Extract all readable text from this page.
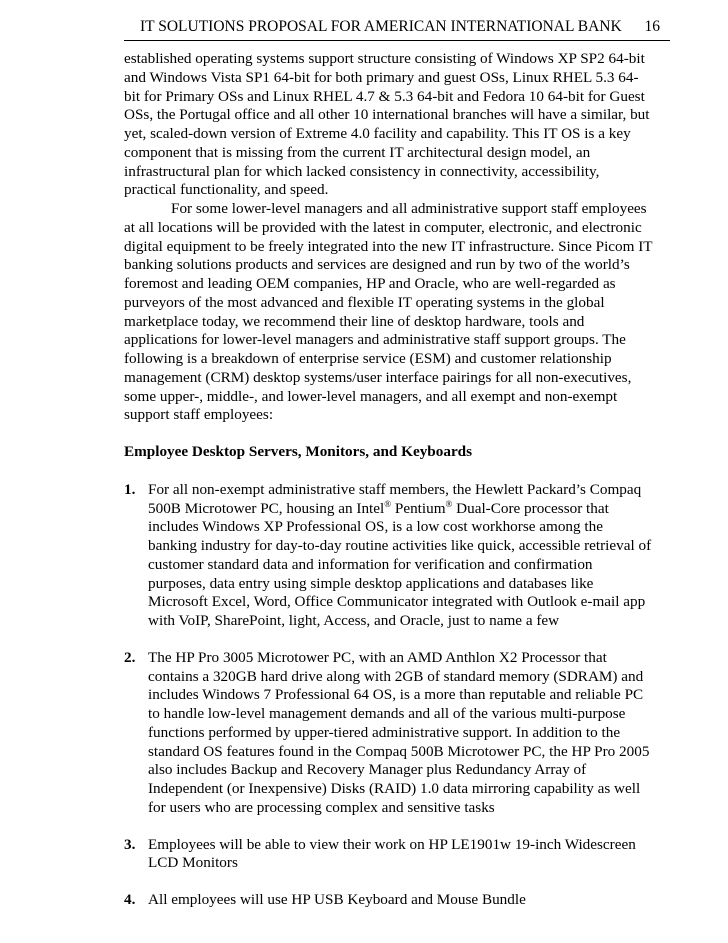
IT SOLUTIONS PROPOSAL FOR AMERICAN INTERNATIONAL BANK 16

established operating systems support structure consisting of Windows XP SP2 64-bit and Windows Vista SP1 64-bit for both primary and guest OSs, Linux RHEL 5.3 64-bit for Primary OSs and Linux RHEL 4.7 & 5.3 64-bit and Fedora 10 64-bit for Guest OSs, the Portugal office and all other 10 international branches will have a similar, but yet, scaled-down version of Extreme 4.0 facility and capability. This IT OS is a key component that is missing from the current IT architectural design model, an infrastructural plan for which lacked consistency in connectivity, accessibility, practical functionality, and speed.

For some lower-level managers and all administrative support staff employees at all locations will be provided with the latest in computer, electronic, and electronic digital equipment to be freely integrated into the new IT infrastructure. Since Picom IT banking solutions products and services are designed and run by two of the world’s foremost and leading OEM companies, HP and Oracle, who are well-regarded as purveyors of the most advanced and flexible IT operating systems in the global marketplace today, we recommend their line of desktop hardware, tools and applications for lower-level managers and administrative staff support groups. The following is a breakdown of enterprise service (ESM) and customer relationship management (CRM) desktop systems/user interface pairings for all non-executives, some upper-, middle-, and lower-level managers, and all exempt and non-exempt support staff employees:

Employee Desktop Servers, Monitors, and Keyboards

1. For all non-exempt administrative staff members, the Hewlett Packard’s Compaq 500B Microtower PC, housing an Intel® Pentium® Dual-Core processor that includes Windows XP Professional OS, is a low cost workhorse among the banking industry for day-to-day routine activities like quick, accessible retrieval of customer standard data and information for verification and confirmation purposes, data entry using simple desktop applications and databases like Microsoft Excel, Word, Office Communicator integrated with Outlook e-mail app with VoIP, SharePoint, light, Access, and Oracle, just to name a few
2. The HP Pro 3005 Microtower PC, with an AMD Anthlon X2 Processor that contains a 320GB hard drive along with 2GB of standard memory (SDRAM) and includes Windows 7 Professional 64 OS, is a more than reputable and reliable PC to handle low-level management demands and all of the various multi-purpose functions performed by upper-tiered administrative support. In addition to the standard OS features found in the Compaq 500B Microtower PC, the HP Pro 2005 also includes Backup and Recovery Manager plus Redundancy Array of Independent (or Inexpensive) Disks (RAID) 1.0 data mirroring capability as well for users who are processing complex and sensitive tasks
3. Employees will be able to view their work on HP LE1901w 19-inch Widescreen LCD Monitors
4. All employees will use HP USB Keyboard and Mouse Bundle
